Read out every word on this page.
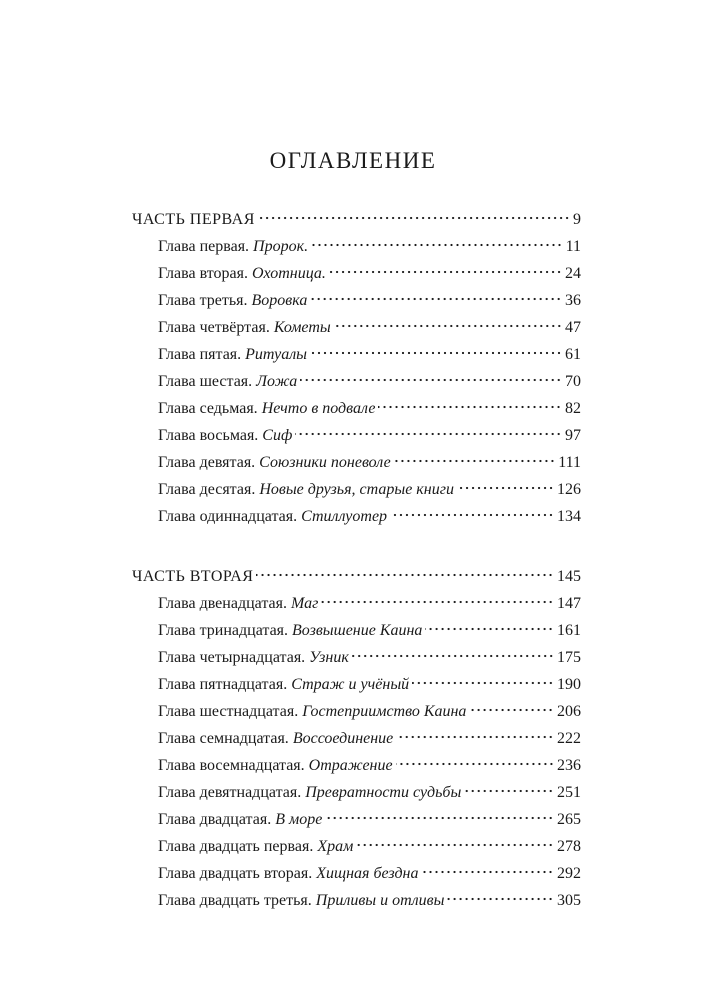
ОГЛАВЛЕНИЕ
ЧАСТЬ ПЕРВАЯ	9
Глава первая. Пророк.	11
Глава вторая. Охотница.	24
Глава третья. Воровка	36
Глава четвёртая. Кометы	47
Глава пятая. Ритуалы	61
Глава шестая. Ложа	70
Глава седьмая. Нечто в подвале	82
Глава восьмая. Сиф	97
Глава девятая. Союзники поневоле	111
Глава десятая. Новые друзья, старые книги	126
Глава одиннадцатая. Стиллуотер	134
ЧАСТЬ ВТОРАЯ	145
Глава двенадцатая. Маг	147
Глава тринадцатая. Возвышение Каина	161
Глава четырнадцатая. Узник	175
Глава пятнадцатая. Страж и учёный	190
Глава шестнадцатая. Гостеприимство Каина	206
Глава семнадцатая. Воссоединение	222
Глава восемнадцатая. Отражение	236
Глава девятнадцатая. Превратности судьбы	251
Глава двадцатая. В море	265
Глава двадцать первая. Храм	278
Глава двадцать вторая. Хищная бездна	292
Глава двадцать третья. Приливы и отливы	305
